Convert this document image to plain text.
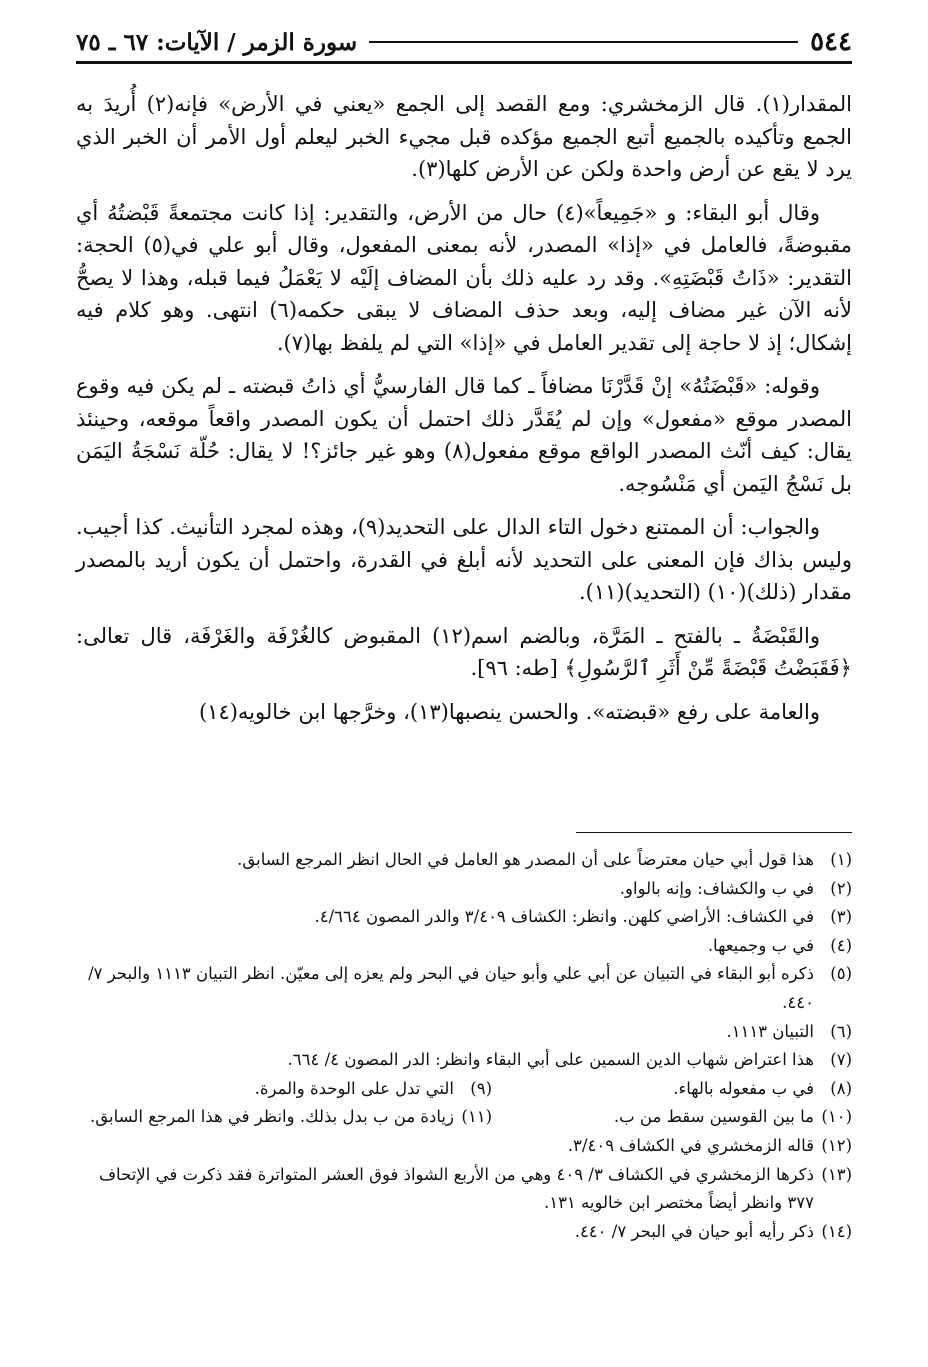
٥٤٤
سورة الزمر / الآيات: ٦٧ ـ ٧٥

المقدار(١). قال الزمخشري: ومع القصد إلى الجمع «يعني في الأرض» فإنه(٢) أُريدَ به الجمع وتأكيده بالجميع أتبع الجميع مؤكده قبل مجيء الخبر ليعلم أول الأمر أن الخبر الذي يرد لا يقع عن أرض واحدة ولكن عن الأرض كلها(٣).

وقال أبو البقاء: و «جَمِيعاً»(٤) حال من الأرض، والتقدير: إذا كانت مجتمعةً قَبْضتُهُ أي مقبوضةً، فالعامل في «إذا» المصدر، لأنه بمعنى المفعول، وقال أبو علي في(٥) الحجة: التقدير: «ذَاتُ قَبْضَتِهِ». وقد رد عليه ذلك بأن المضاف إلَيْه لا يَعْمَلُ فيما قبله، وهذا لا يصحُّ لأنه الآن غير مضاف إليه، وبعد حذف المضاف لا يبقى حكمه(٦) انتهى. وهو كلام فيه إشكال؛ إذ لا حاجة إلى تقدير العامل في «إذا» التي لم يلفظ بها(٧).

وقوله: «قَبْضَتُهُ» إنْ قَدَّرْنَا مضافاً ـ كما قال الفارسيُّ أي ذاتُ قبضته ـ لم يكن فيه وقوع المصدر موقع «مفعول» وإن لم يُقَدَّر ذلك احتمل أن يكون المصدر واقعاً موقعه، وحينئذ يقال: كيف أنّث المصدر الواقع موقع مفعول(٨) وهو غير جائز؟! لا يقال: حُلّة نَسْجَةُ اليَمَن بل نَسْجُ اليَمن أي مَنْسُوجه.

والجواب: أن الممتنع دخول التاء الدال على التحديد(٩)، وهذه لمجرد التأنيث. كذا أجيب. وليس بذاك فإن المعنى على التحديد لأنه أبلغ في القدرة، واحتمل أن يكون أريد بالمصدر مقدار (ذلك)(١٠) (التحديد)(١١).

والقَبْضَةُ ـ بالفتح ـ المَرَّة، وبالضم اسم(١٢) المقبوض كالغُرْفَة والغَرْفَة، قال تعالى: ﴿فَقَبَضْتُ قَبْضَةً مِّنْ أَثَرِ ٱلرَّسُولِ﴾ [طه: ٩٦].

والعامة على رفع «قبضته». والحسن ينصبها(١٣)، وخرَّجها ابن خالويه(١٤)

(١)
هذا قول أبي حيان معترضاً على أن المصدر هو العامل في الحال انظر المرجع السابق.
(٢)
في ب والكشاف: وإنه بالواو.
(٣)
في الكشاف: الأراضي كلهن. وانظر: الكشاف ٣/٤٠٩ والدر المصون ٤/٦٦٤.
(٤)
في ب وجميعها.
(٥)
ذكره أبو البقاء في التبيان عن أبي علي وأبو حيان في البحر ولم يعزه إلى معيّن. انظر التبيان ١١١٣ والبحر ٧/ ٤٤٠.
(٦)
التبيان ١١١٣.
(٧)
هذا اعتراض شهاب الدين السمين على أبي البقاء وانظر: الدر المصون ٤/ ٦٦٤.
(٨)
في ب مفعوله بالهاء.
(٩)
التي تدل على الوحدة والمرة.
(١٠)
ما بين القوسين سقط من ب.
(١١)
زيادة من ب بدل بذلك. وانظر في هذا المرجع السابق.
(١٢)
قاله الزمخشري في الكشاف ٣/٤٠٩.
(١٣)
ذكرها الزمخشري في الكشاف ٣/ ٤٠٩ وهي من الأربع الشواذ فوق العشر المتواترة فقد ذكرت في الإتحاف ٣٧٧ وانظر أيضاً مختصر ابن خالويه ١٣١.
(١٤)
ذكر رأيه أبو حيان في البحر ٧/ ٤٤٠.
